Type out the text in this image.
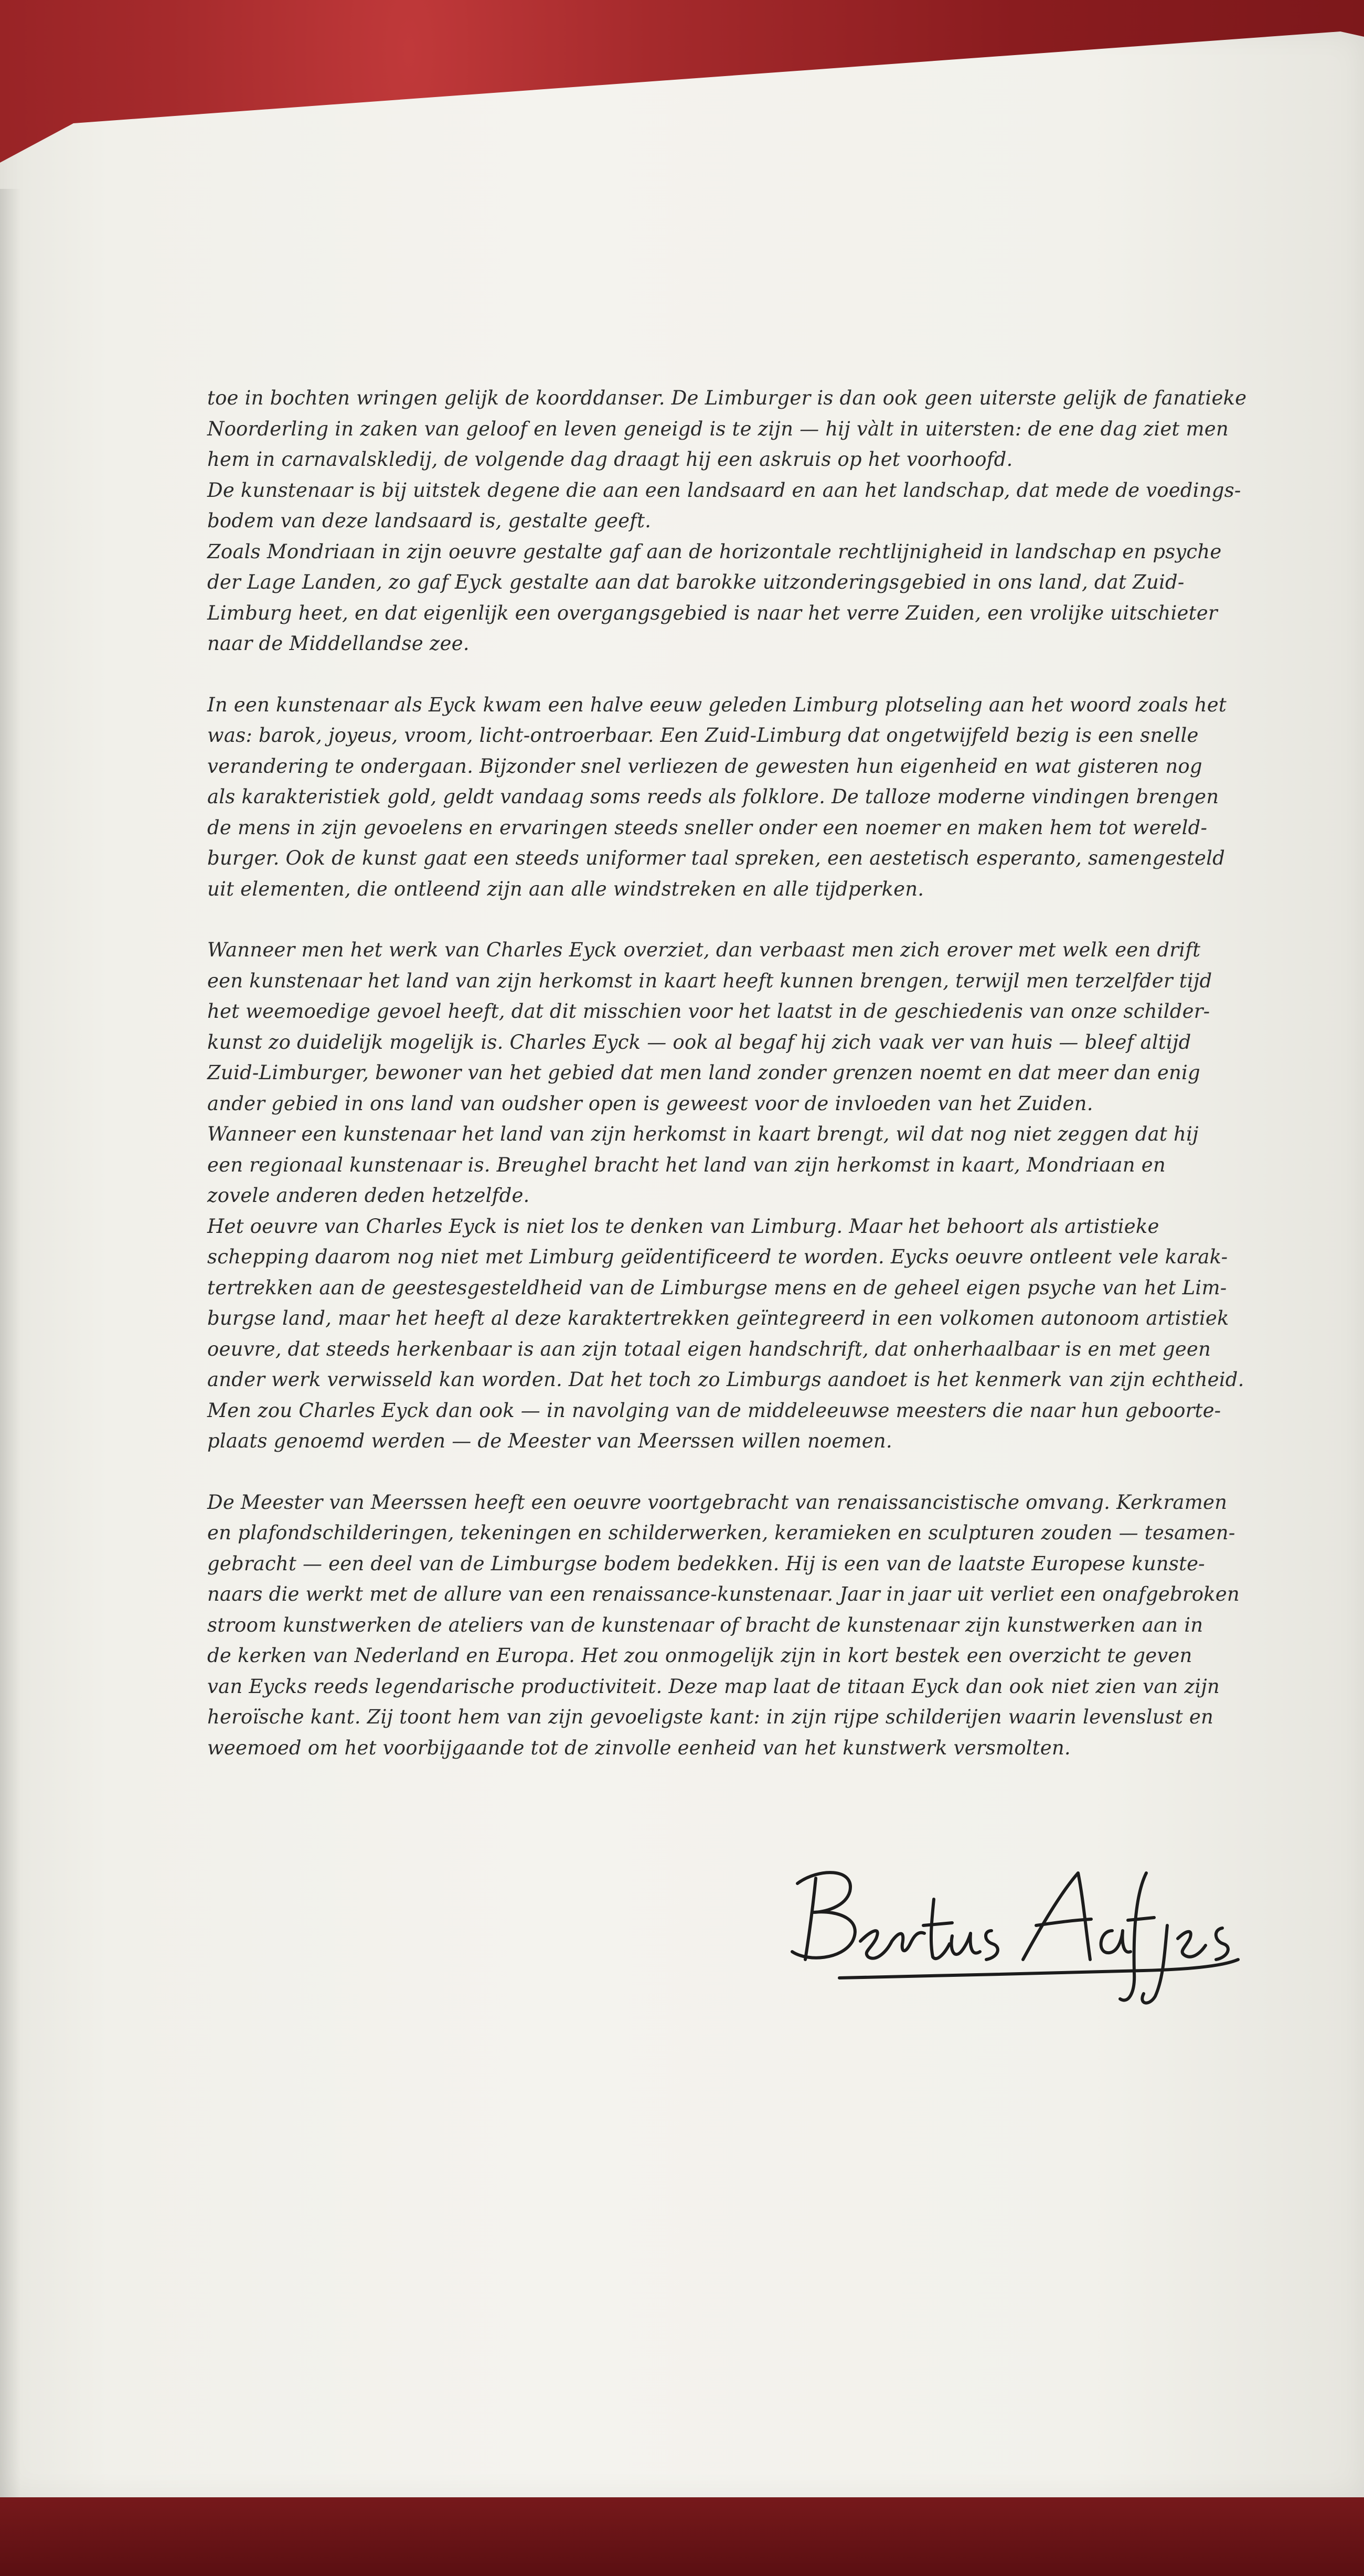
toe in bochten wringen gelijk de koorddanser. De Limburger is dan ook geen uiterste gelijk de fanatieke
Noorderling in zaken van geloof en leven geneigd is te zijn — hij vàlt in uitersten: de ene dag ziet men
hem in carnavalskledij, de volgende dag draagt hij een askruis op het voorhoofd.
De kunstenaar is bij uitstek degene die aan een landsaard en aan het landschap, dat mede de voedings-
bodem van deze landsaard is, gestalte geeft.
Zoals Mondriaan in zijn oeuvre gestalte gaf aan de horizontale rechtlijnigheid in landschap en psyche
der Lage Landen, zo gaf Eyck gestalte aan dat barokke uitzonderingsgebied in ons land, dat Zuid-
Limburg heet, en dat eigenlijk een overgangsgebied is naar het verre Zuiden, een vrolijke uitschieter
naar de Middellandse zee.
In een kunstenaar als Eyck kwam een halve eeuw geleden Limburg plotseling aan het woord zoals het
was: barok, joyeus, vroom, licht-ontroerbaar. Een Zuid-Limburg dat ongetwijfeld bezig is een snelle
verandering te ondergaan. Bijzonder snel verliezen de gewesten hun eigenheid en wat gisteren nog
als karakteristiek gold, geldt vandaag soms reeds als folklore. De talloze moderne vindingen brengen
de mens in zijn gevoelens en ervaringen steeds sneller onder een noemer en maken hem tot wereld-
burger. Ook de kunst gaat een steeds uniformer taal spreken, een aestetisch esperanto, samengesteld
uit elementen, die ontleend zijn aan alle windstreken en alle tijdperken.
Wanneer men het werk van Charles Eyck overziet, dan verbaast men zich erover met welk een drift
een kunstenaar het land van zijn herkomst in kaart heeft kunnen brengen, terwijl men terzelfder tijd
het weemoedige gevoel heeft, dat dit misschien voor het laatst in de geschiedenis van onze schilder-
kunst zo duidelijk mogelijk is. Charles Eyck — ook al begaf hij zich vaak ver van huis — bleef altijd
Zuid-Limburger, bewoner van het gebied dat men land zonder grenzen noemt en dat meer dan enig
ander gebied in ons land van oudsher open is geweest voor de invloeden van het Zuiden.
Wanneer een kunstenaar het land van zijn herkomst in kaart brengt, wil dat nog niet zeggen dat hij
een regionaal kunstenaar is. Breughel bracht het land van zijn herkomst in kaart, Mondriaan en
zovele anderen deden hetzelfde.
Het oeuvre van Charles Eyck is niet los te denken van Limburg. Maar het behoort als artistieke
schepping daarom nog niet met Limburg geïdentificeerd te worden. Eycks oeuvre ontleent vele karak-
tertrekken aan de geestesgesteldheid van de Limburgse mens en de geheel eigen psyche van het Lim-
burgse land, maar het heeft al deze karaktertrekken geïntegreerd in een volkomen autonoom artistiek
oeuvre, dat steeds herkenbaar is aan zijn totaal eigen handschrift, dat onherhaalbaar is en met geen
ander werk verwisseld kan worden. Dat het toch zo Limburgs aandoet is het kenmerk van zijn echtheid.
Men zou Charles Eyck dan ook — in navolging van de middeleeuwse meesters die naar hun geboorte-
plaats genoemd werden — de Meester van Meerssen willen noemen.
De Meester van Meerssen heeft een oeuvre voortgebracht van renaissancistische omvang. Kerkramen
en plafondschilderingen, tekeningen en schilderwerken, keramieken en sculpturen zouden — tesamen-
gebracht — een deel van de Limburgse bodem bedekken. Hij is een van de laatste Europese kunste-
naars die werkt met de allure van een renaissance-kunstenaar. Jaar in jaar uit verliet een onafgebroken
stroom kunstwerken de ateliers van de kunstenaar of bracht de kunstenaar zijn kunstwerken aan in
de kerken van Nederland en Europa. Het zou onmogelijk zijn in kort bestek een overzicht te geven
van Eycks reeds legendarische productiviteit. Deze map laat de titaan Eyck dan ook niet zien van zijn
heroïsche kant. Zij toont hem van zijn gevoeligste kant: in zijn rijpe schilderijen waarin levenslust en
weemoed om het voorbijgaande tot de zinvolle eenheid van het kunstwerk versmolten.
